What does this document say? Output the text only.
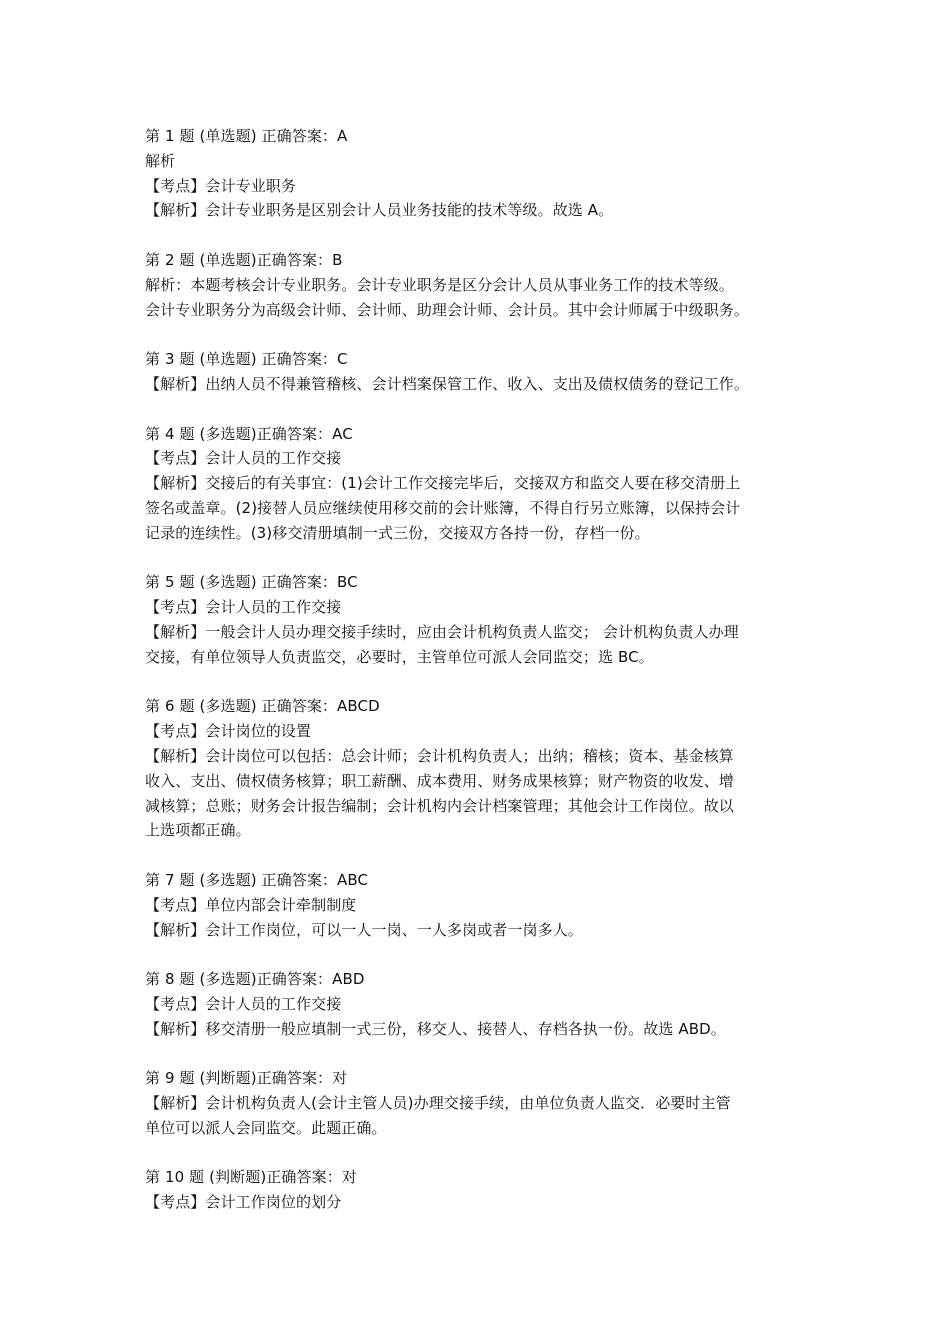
第 1 题 (单选题) 正确答案：A
解析
【考点】会计专业职务
【解析】会计专业职务是区别会计人员业务技能的技术等级。故选 A。
第 2 题 (单选题)正确答案：B
解析：本题考核会计专业职务。会计专业职务是区分会计人员从事业务工作的技术等级。
会计专业职务分为高级会计师、会计师、助理会计师、会计员。其中会计师属于中级职务。
第 3 题 (单选题) 正确答案：C
【解析】出纳人员不得兼管稽核、会计档案保管工作、收入、支出及债权债务的登记工作。
第 4 题 (多选题)正确答案：AC
【考点】会计人员的工作交接
【解析】交接后的有关事宜：(1)会计工作交接完毕后，交接双方和监交人要在移交清册上
签名或盖章。(2)接替人员应继续使用移交前的会计账簿，不得自行另立账簿，以保持会计
记录的连续性。(3)移交清册填制一式三份，交接双方各持一份，存档一份。
第 5 题 (多选题) 正确答案：BC
【考点】会计人员的工作交接
【解析】一般会计人员办理交接手续时，应由会计机构负责人监交； 会计机构负责人办理
交接，有单位领导人负责监交，必要时，主管单位可派人会同监交；选 BC。
第 6 题 (多选题) 正确答案：ABCD
【考点】会计岗位的设置
【解析】会计岗位可以包括：总会计师；会计机构负责人；出纳；稽核；资本、基金核算
收入、支出、债权债务核算；职工薪酬、成本费用、财务成果核算；财产物资的收发、增
减核算；总账；财务会计报告编制；会计机构内会计档案管理；其他会计工作岗位。故以
上选项都正确。
第 7 题 (多选题) 正确答案：ABC
【考点】单位内部会计牵制制度
【解析】会计工作岗位，可以一人一岗、一人多岗或者一岗多人。
第 8 题 (多选题)正确答案：ABD
【考点】会计人员的工作交接
【解析】移交清册一般应填制一式三份，移交人、接替人、存档各执一份。故选 ABD。
第 9 题 (判断题)正确答案：对
【解析】会计机构负责人(会计主管人员)办理交接手续，由单位负责人监交．必要时主管
单位可以派人会同监交。此题正确。
第 10 题 (判断题)正确答案：对
【考点】会计工作岗位的划分
